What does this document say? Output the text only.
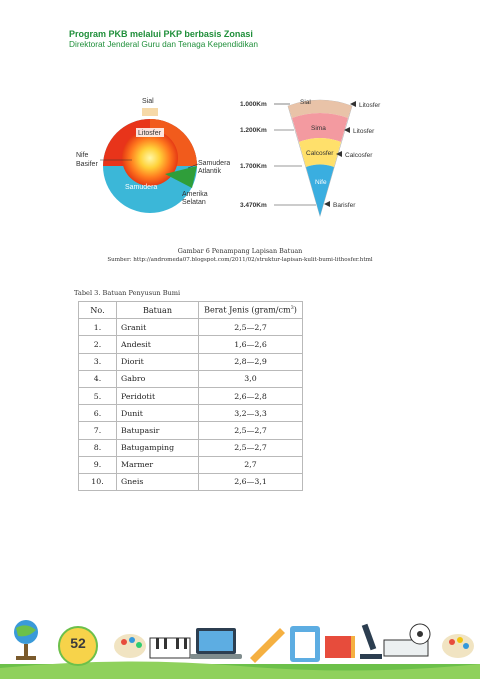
Program PKB melalui PKP berbasis Zonasi
Direktorat Jenderal Guru dan Tenaga Kependidikan
Sial
Litosfer
Nife
Basifer	Samudera
Atlantik
Samudera
Amerika
Selatan
Sial
Sima
Calcosfer
Nife
1.000Km
1.200Km
1.700Km
3.470Km
Litosfer
Litosfer
Calcosfer
Barisfer
Gambar 6 Penampang Lapisan Batuan
Sumber: http://andromeda07.blogspot.com/2011/02/struktur-lapisan-kulit-bumi-lithosfer.html
Tabel 3. Batuan Penyusun Bumi
No.	Batuan	Berat Jenis $(gram/cm^3)$
1.	Granit	2,5—2,7
2.	Andesit	1,6—2,6
3.	Diorit	2,8—2,9
4.	Gabro	3,0
5.	Peridotit	2,6—2,8
6.	Dunit	3,2—3,3
7.	Batupasir	2,5—2,7
8.	Batugamping	2,5—2,7
9.	Marmer	2,7
10.	Gneis	2,6—3,1
52
